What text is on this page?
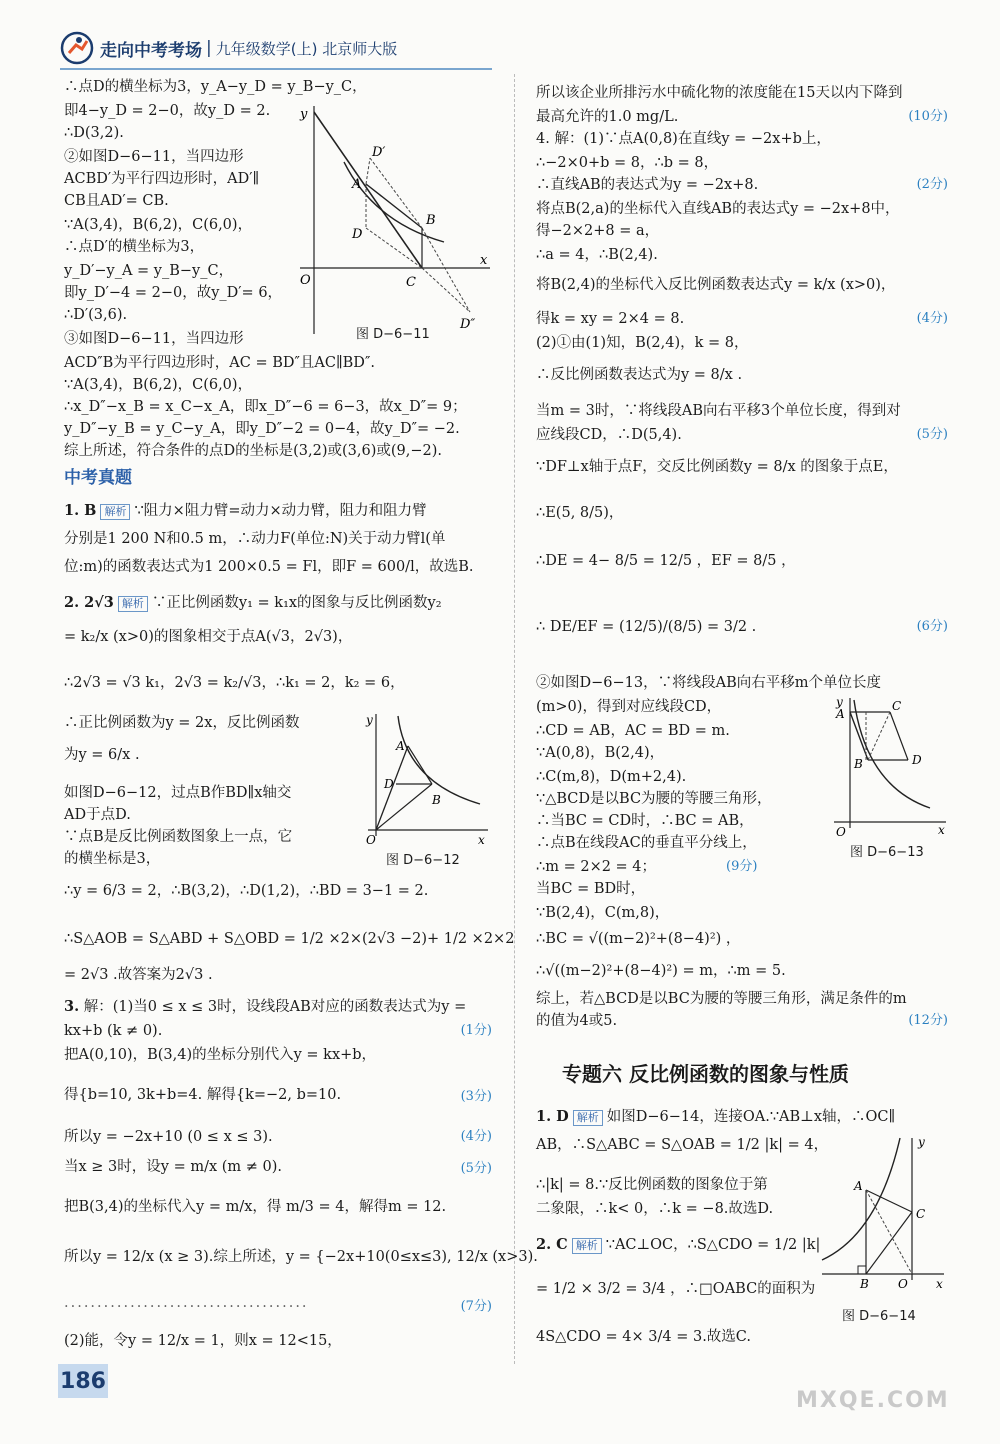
走向中考考场 | 九年级数学(上) 北京师大版
∴点D的横坐标为3，y_A−y_D = y_B−y_C，
即4−y_D = 2−0，故y_D = 2.
∴D(3,2).
②如图D−6−11，当四边形
ACBD′为平行四边形时，AD′∥
CB且AD′= CB.
∵A(3,4)，B(6,2)，C(6,0)，
∴点D′的横坐标为3，
y_D′−y_A = y_B−y_C，
即y_D′−4 = 2−0，故y_D′= 6，
∴D′(3,6).
③如图D−6−11，当四边形
ACD″B为平行四边形时，AC = BD″且AC∥BD″.
∵A(3,4)，B(6,2)，C(6,0)，
∴x_D″−x_B = x_C−x_A，即x_D″−6 = 6−3，故x_D″= 9；
y_D″−y_B = y_C−y_A，即y_D″−2 = 0−4，故y_D″= −2.
综上所述，符合条件的点D的坐标是(3,2)或(3,6)或(9,−2).
y
x
O
A
B
C
D
D′
D″
图 D−6−11
中考真题
1. B 解析 ∵阻力×阻力臂=动力×动力臂，阻力和阻力臂
分别是1 200 N和0.5 m，∴动力F(单位:N)关于动力臂l(单
位:m)的函数表达式为1 200×0.5 = Fl，即F = 600/l，故选B.
2. 2√3 解析 ∵正比例函数y₁ = k₁x的图象与反比例函数y₂
= k₂/x (x>0)的图象相交于点A(√3，2√3)，
∴2√3 = √3 k₁，2√3 = k₂/√3，∴k₁ = 2，k₂ = 6，
∴正比例函数为y = 2x，反比例函数
为y = 6/x .
如图D−6−12，过点B作BD∥x轴交
AD于点D.
∵点B是反比例函数图象上一点，它
的横坐标是3，
y
x
O
A
B
D
图 D−6−12
∴y = 6/3 = 2，∴B(3,2)，∴D(1,2)，∴BD = 3−1 = 2.
∴S△AOB = S△ABD + S△OBD = 1/2 ×2×(2√3 −2)+ 1/2 ×2×2
= 2√3 .故答案为2√3 .
3. 解：(1)当0 ≤ x ≤ 3时，设线段AB对应的函数表达式为y =
kx+b (k ≠ 0).	(1分)
把A(0,10)，B(3,4)的坐标分别代入y = kx+b，
得{b=10, 3k+b=4. 解得{k=−2, b=10.	(3分)
所以y = −2x+10 (0 ≤ x ≤ 3).	(4分)
当x ≥ 3时，设y = m/x (m ≠ 0).	(5分)
把B(3,4)的坐标代入y = m/x，得 m/3 = 4，解得m = 12.
所以y = 12/x (x ≥ 3).综上所述，y = {−2x+10(0≤x≤3), 12/x (x>3).
·····································	(7分)
(2)能，令y = 12/x = 1，则x = 12<15，
所以该企业所排污水中硫化物的浓度能在15天以内下降到
最高允许的1.0 mg/L.	(10分)
4. 解：(1)∵点A(0,8)在直线y = −2x+b上，
∴−2×0+b = 8，∴b = 8，
∴直线AB的表达式为y = −2x+8.	(2分)
将点B(2,a)的坐标代入直线AB的表达式y = −2x+8中，
得−2×2+8 = a，
∴a = 4，∴B(2,4).
将B(2,4)的坐标代入反比例函数表达式y = k/x (x>0)，
得k = xy = 2×4 = 8.	(4分)
(2)①由(1)知，B(2,4)，k = 8，
∴反比例函数表达式为y = 8/x .
当m = 3时，∵将线段AB向右平移3个单位长度，得到对
应线段CD，∴D(5,4).	(5分)
∵DF⊥x轴于点F，交反比例函数y = 8/x 的图象于点E，
∴E(5, 8/5)，
∴DE = 4− 8/5 = 12/5 ，EF = 8/5 ，
∴ DE/EF = (12/5)/(8/5) = 3/2 .	(6分)
②如图D−6−13，∵将线段AB向右平移m个单位长度
(m>0)，得到对应线段CD，
∴CD = AB，AC = BD = m.
∵A(0,8)，B(2,4)，
∴C(m,8)，D(m+2,4).
∵△BCD是以BC为腰的等腰三角形，
∴当BC = CD时，∴BC = AB，
∴点B在线段AC的垂直平分线上，
∴m = 2×2 = 4；	(9分)
当BC = BD时，
∵B(2,4)，C(m,8)，
∴BC = √((m−2)²+(8−4)²) ，
∴√((m−2)²+(8−4)²) = m，∴m = 5.
综上，若△BCD是以BC为腰的等腰三角形，满足条件的m
的值为4或5.	(12分)
y
x
O
A
B
C
D
图 D−6−13
专题六 反比例函数的图象与性质
1. D 解析 如图D−6−14，连接OA.∵AB⊥x轴，∴OC∥
AB，∴S△ABC = S△OAB = 1/2 |k| = 4，
∴|k| = 8.∵反比例函数的图象位于第
二象限，∴k< 0，∴k = −8.故选D.
2. C 解析 ∵AC⊥OC，∴S△CDO = 1/2 |k|
= 1/2 × 3/2 = 3/4 ，∴□OABC的面积为
4S△CDO = 4× 3/4 = 3.故选C.
y
x
O
A
B
C
图 D−6−14
186
MXQE.COM
